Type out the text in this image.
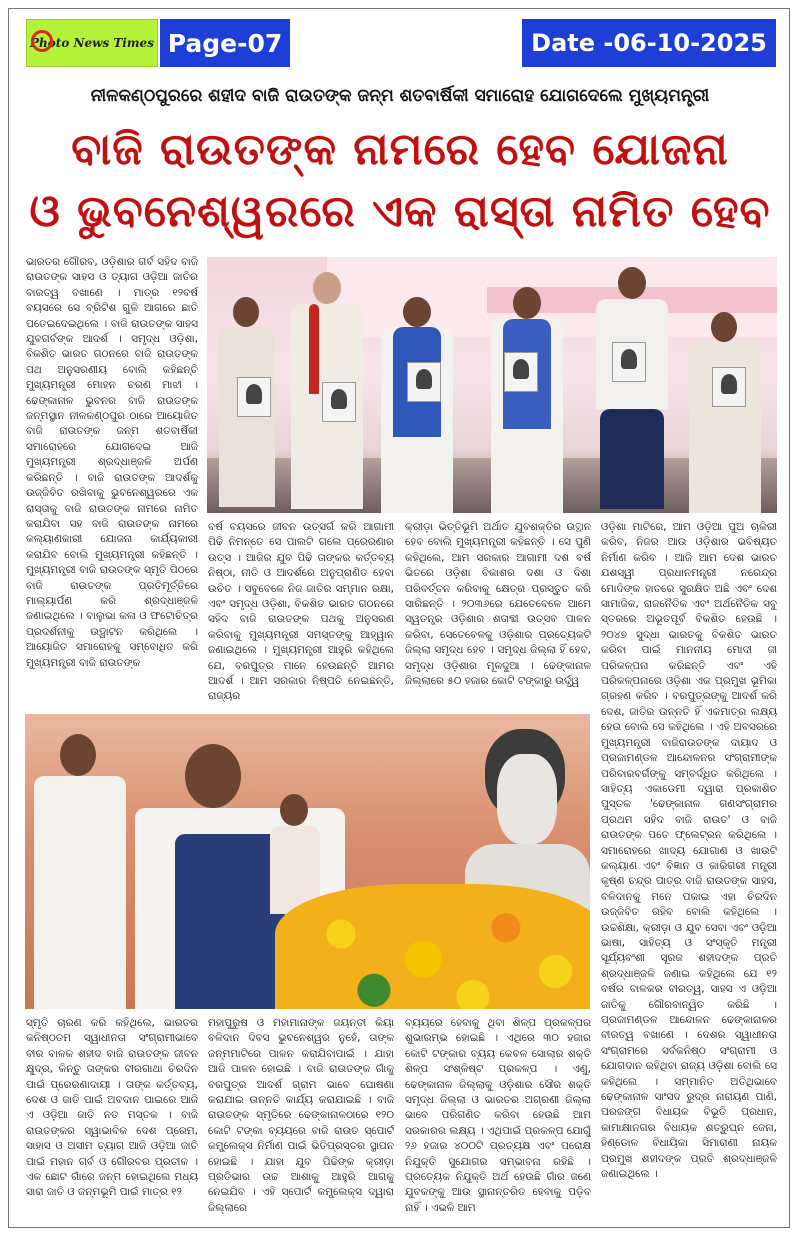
Photo News Times Page-07	Date -06-10-2025
ନୀଳକଣ୍ଠପୁରରେ ଶହୀଦ ବାଜି ରାଉତଙ୍କ ଜନ୍ମ ଶତବାର୍ଷିକୀ ସମାରୋହ ଯୋଗଦେଲେ ମୁଖ୍ୟମନ୍ତ୍ରୀ
ବାଜି ରାଉତଙ୍କ ନାମରେ ହେବ ଯୋଜନା
ଓ ଭୁବନେଶ୍ୱରରେ ଏକ ରାସ୍ତା ନାମିତ ହେବ
ଭାରତର ଗୌରବ, ଓଡ଼ିଶାର ଗର୍ବ ସହିଦ ବାଜି ରାଉତଙ୍କ ସାହସ ଓ ତ୍ୟାଗ ଓଡ଼ିଆ ଜାତିର ବାରତ୍ୱ ବଖାଣେ । ମାତ୍ର ୧୨ବର୍ଷ ବୟସରେ ସେ ବ୍ରିଟିଶ ଗୁଳି ଆଗରେ ଛାତି ପତେଇଦେଇଥିଲେ । ବାଜି ରାଉତଙ୍କ ସାହସ ଯୁବଗର୍ବଙ୍କ ଆଦର୍ଶ । ସମୃଦ୍ଧ ଓଡ଼ିଶା, ବିକଶିତ ଭାରତ ଗଠନରେ ବାଜି ରାଉତଙ୍କ ପଥ ଅନୁସରଣୀୟ ବୋଲି କହିଛନ୍ତି ମୁଖ୍ୟମନ୍ତ୍ରୀ ମୋହନ ଚରଣ ମାଝୀ । ଢେଙ୍କାନାଳ ଭୁବନର ବାଜି ରାଉତଙ୍କ ଜନ୍ମସ୍ଥାନ ନୀଳକଣ୍ଠପୁର ଠାରେ ଆୟୋଜିତ ବାଜି ରାଉତଙ୍କ ଜନ୍ମ ଶତବାର୍ଷିକୀ ସମାରୋହରେ ଯୋଗଦେଇ ଆଜି ମୁଖ୍ୟମନ୍ତ୍ରୀ ଶ୍ରଦ୍ଧାଞ୍ଜଳି ଅର୍ପଣ କରିଛନ୍ତି । ବାଜି ରାଉତଙ୍କ ଆଦର୍ଶକୁ ଉଜ୍ଜିବିତ ରଖିବାକୁ ଭୁବନେଶ୍ୱରରେ ଏକ ରାସ୍ତାକୁ ବାଜି ରାଉତଙ୍କ ନାମରେ ନାମିତ କରାଯିବା ସହ ବାଜି ରାଉତଙ୍କ ନାମରେ କଲ୍ୟାଣକାରୀ ଯୋଜନା କାର୍ଯ୍ୟକାରୀ କରାଯିବ ବୋଲି ମୁଖ୍ୟମନ୍ତ୍ରୀ କହିଛନ୍ତି । ମୁଖ୍ୟମନ୍ତ୍ରୀ ବାଜି ରାଉତଙ୍କ ସ୍ମୃତି ପିଠରେ ବାଜି ରାଉତଙ୍କ ପ୍ରତିମୂର୍ତ୍ତିରେ ମାଲ୍ୟାର୍ପଣ କରି ଶ୍ରଦ୍ଧାଞ୍ଜଳି ଜଣାଇଥିଲେ । ବାଲୁଭା କଳା ଓ ଫଟୋଚିତ୍ର ପ୍ରଦର୍ଶନୀକୁ ଉଦ୍ଘାଟନ କରିଥିଲେ । ଆୟୋଜିତ ସମାରୋହକୁ ସମ୍ବୋଧିତ କରି ମୁଖ୍ୟମନ୍ତ୍ରୀ ବାଜି ରାଉତଙ୍କ
ବର୍ଷ ବୟସରେ ଜୀବନ ଉତ୍ସର୍ଗ କରି ଆଗାମୀ ପିଢି ନିମନ୍ତେ ସେ ପାଲଟି ଗଲେ ପ୍ରେରଣାର ଉତ୍ସ । ଆଜିର ଯୁବ ପିଢି ତାଙ୍କର କର୍ତ୍ତବ୍ୟ ନିଷ୍ଠା, ନୀତି ଓ ଆଦର୍ଶରେ ଅନୁପ୍ରାଣିତ ହେବା ଉଚିତ । ସବୁବେଳେ ନିଜ ଜାତିର ସମ୍ମାନ ରକ୍ଷା, ଏବଂ ସମୃଦ୍ଧ ଓଡ଼ିଶା, ବିକଶିତ ଭାରତ ଗଠନରେ ସହିଦ ବାଜି ରାଉତଙ୍କ ପଥକୁ ଅନୁସରଣ କରିବାକୁ ମୁଖ୍ୟମନ୍ତ୍ରୀ ସମସ୍ତଙ୍କୁ ଆହ୍ୱାନ ଜଣାଇଥିଲେ । ମୁଖ୍ୟମନ୍ତ୍ରୀ ଆହୁରି କହିଥିଲେ ଯେ, ବରପୁତ୍ର ମାନେ ହେଉଛନ୍ତି ଆମର ଆଦର୍ଶ । ଆମ ସରକାର ନିଷ୍ପତି ନେଇଛନ୍ତି, ରାଜ୍ୟର
କ୍ରୀଡ଼ା ଭିତ୍ତିଭୂମି ଅର୍ଥାତ ଯୁବଶକ୍ତିର ଉତ୍ଥାନ ହେବ ବୋଲି ମୁଖ୍ୟମନ୍ତ୍ରୀ କହିଛନ୍ତି । ସେ ପୁଣି କହିଥିଲେ, ଆମ ସରକାର ଆଗାମୀ ଦଶ ବର୍ଷ ଭିତରେ ଓଡ଼ିଶା ବିକାଶର ଦଶା ଓ ଦିଶା ପରିବର୍ତ୍ତନ କରିବାକୁ କ୍ଷେତ୍ର ପ୍ରସ୍ତୁତ କରି ସାରିଛନ୍ତି । ୨୦୩୬ରେ ଯେତେବେଳେ ଆମେ ସ୍ୱତନ୍ତ୍ର ଓଡ଼ିଶାର ଶତାବ୍ଦୀ ଉତ୍ସବ ପାଳନ କରିବା, ସେତେବେଳକୁ ଓଡ଼ିଶାର ପ୍ରତ୍ୟେକଟି ଜିଲ୍ଲା ସମୃଦ୍ଧ ହେବ । ସମୃଦ୍ଧ ଜିଲ୍ଲା ହିଁ ହେବ, ସମୃଦ୍ଧ ଓଡ଼ିଶାର ମୂଳଦୁଆ । ଢେଙ୍କାନାଳ ଜିଲ୍ଲାରେ ୫୦ ହଜାର କୋଟି ଟଙ୍କାରୁ ଉର୍ଦ୍ଧ୍ୱ
ଓଡ଼ିଶା ମାଟିରେ, ଆମ ଓଡ଼ିଆ ପୁଅ ଚାକିରୀ କରିବ, ନିଜର ଆଉ ଓଡ଼ିଶାର ଭବିଷ୍ୟତ ନିର୍ମାଣ କରିବ । ଆଜି ଆମ ଦେଶ ଭାରତ ଯଶସ୍ୱୀ ପ୍ରଧାନମନ୍ତ୍ରୀ ନରେନ୍ଦ୍ର ମୋଦିଙ୍କ ହାତରେ ସୁରକ୍ଷିତ ଅଛି ଏବଂ ଦେଶ ସାମାଜିକ, ରାଜନୈତିକ ଏବଂ ଅର୍ଥନୈତିକ ସବୁ ସ୍ତରରେ ଅଭୂତପୂର୍ବ ବିକଶିତ ହେଉଛି । ୨୦୪୭ ସୁଦ୍ଧା ଭାରତକୁ ବିକଶିତ ଭାରତ କରିବା ପାଇଁ ମାନନୀୟ ମୋଦୀ ଜୀ ପରିକଳ୍ପନା କରିଛନ୍ତି ଏବଂ ଏହି ପରିକଳ୍ପନାରେ ଓଡ଼ିଶା ଏକ ପ୍ରମୁଖ ଭୂମିକା ଗ୍ରହଣ କରିବ । ବରପୁତ୍ରଙ୍କୁ ଆଦର୍ଶ କରି ଦେଶ, ଜାତିର ଉନ୍ନତି ହିଁ ଏକମାତ୍ର ଲକ୍ଷ୍ୟ ହେଉ ବୋଲି ସେ କହିଥିଲେ । ଏହି ଅବସରରେ ମୁଖ୍ୟମନ୍ତ୍ରୀ ବାଜିରାଉତଙ୍କ ଦାୟାଦ ଓ ପ୍ରଜାମଣ୍ଡଳ ଆନ୍ଦୋଳନର ସଂଗ୍ରାମୀଙ୍କ ପରିବାରବର୍ଗଙ୍କୁ ସମ୍ବର୍ଦ୍ଧିତ କରିଥିଲେ । ସାହିତ୍ୟ ଏକାଡେମୀ ଦ୍ୱାରା ପ୍ରକାଶିତ ପୁସ୍ତକ 'ଢେଙ୍କାନାଳ ଗଣସଂଗ୍ରାମର ପ୍ରଥମ ସହିଦ ବାଜି ରାଉତ' ଓ ବାଜି ରାଉତଙ୍କ ପତେ ଫ୍ଲେଟ୍ରନ କରିଥିଲେ । ସମାରୋହରେ ଖାଦ୍ୟ ଯୋଗାଣ ଓ ଖାଉଟି କଲ୍ୟାଣ ଏବଂ ବିଜ୍ଞାନ ଓ କାରିଗରୀ ମନ୍ତ୍ରୀ କୃଷ୍ଣ ଚନ୍ଦ୍ର ପାତ୍ର ବାଜି ରାଉତଙ୍କ ସାହସ, ବଳିଦାନକୁ ମନେ ପକାଇ ଏହା ଚିରଦିନ ଉଜ୍ଜିବିତ ରହିବ ବୋଲି କହିଥିଲେ । ଉଚ୍ଚଶିକ୍ଷା, କ୍ରୀଡ଼ା ଓ ଯୁବ ସେବା ଏବଂ ଓଡ଼ିଆ ଭାଷା, ସାହିତ୍ୟ ଓ ସଂସ୍କୃତି ମନ୍ତ୍ରୀ ସୂର୍ଯ୍ୟବଂଶୀ ସୂରଜ ଶହୀଦଙ୍କ ପ୍ରତି ଶ୍ରଦ୍ଧାଞ୍ଜଳି ଜଣାଇ କହିଥିଲେ ଯେ ୧୨ ବର୍ଷର ବାଳକର ବୀରତ୍ୱ, ସାହସ ଏ ଓଡ଼ିଆ ଜାତିକୁ ଗୌରବାନ୍ୱିତ କରିଛି । ପ୍ରଜାମଣ୍ଡଳ ଆନ୍ଦୋଳନ ଢେଙ୍କାନାଳର ବୀରତ୍ୱ ବଖାଣେ । ଦେଶର ସ୍ୱାଧୀନତା ସଂଗ୍ରାମରେ ସର୍ବକନିଷ୍ଠ ସଂଗ୍ରାମୀ ଓ ଯୋଗଦାନ ରହିଥିବା ରାଜ୍ୟ ଓଡ଼ିଶା ବୋଲି ସେ କହିଥିଲେ । ସମ୍ମାନିତ ଅତିଥିଭାବେ ଢେଙ୍କାନାଳ ସାଂସଦ ରୁଦ୍ର ନାରାୟଣ ପାଣି, ପରଜଙ୍ଗ ବିଧାୟକ ବିଭୂତି ପ୍ରଧାନ, କାମାକ୍ଷାନଗର ବିଧାୟକ ଶତ୍ରୁଘ୍ନ ଜେନା, ହିଣ୍ଡୋଳ ବିଧାୟିକା ସିମାରାଣୀ ନାୟକ ପ୍ରମୁଖ ଶହୀଦଙ୍କ ପ୍ରତି ଶ୍ରଦ୍ଧାଞ୍ଜଳି ଜଣାଇଥିଲେ ।
ସ୍ମୃତି ଚାରଣ କରି କହିଥିଲେ, ଭାରତର କନିଷ୍ଠତମ ସ୍ୱାଧୀନତା ସଂଗ୍ରାମୀଭାବେ ବୀର ବାଳକ ଶହୀଦ ବାଜି ରାଉତଙ୍କ ଜୀବନ କ୍ଷୁଦ୍ର, କିନ୍ତୁ ତାଙ୍କର ବୀରଗାଥା ଚିରଦିନ ପାଇଁ ପ୍ରେରଣାଦାୟୀ । ତାଙ୍କ କର୍ତ୍ତବ୍ୟ, ଦେଶ ଓ ଜାତି ପାଇଁ ଅବଦାନ ପାଇରେ ଆଜି ଏ ଓଡ଼ିଆ ଜାତି ନତ ମସ୍ତକ । ବାଜି ରାଉତଙ୍କର ସ୍ୱାଭାବିକ ଦେଶ ପ୍ରେମ, ସାହାସ ଓ ଅସୀମ ତ୍ୟାଗ ଆଜି ଓଡ଼ିଆ ଜାତି ପାଇଁ ମହାନ ଗର୍ବ ଓ ଗୌରବର ପ୍ରତୀକ । ଏକ ଛୋଟ ଗାଁରେ ଜନ୍ମ ହୋଇଥିଲେ ମଧ୍ୟ ସାରା ଜାତି ଓ ଜନ୍ମଭୂମି ପାଇଁ ମାତ୍ର ୧୨
ମହାପୁରୁଷ ଓ ମହାମାନାଙ୍କ ଜୟନ୍ତୀ କିୟା ବଳିଦାନ ଦିବସ ଭୁବନେଶ୍ୱର ନୁହେଁ, ତାଙ୍କ ଜନ୍ମମାଟିରେ ପାଳନ କରାଯିବାପାଇଁ । ଯାହା ଆଜି ପାଳନ ହୋଇଛି । ବାଜି ରାଉତଙ୍କ ଗାଁକୁ ବରପୁତ୍ର ଆଦର୍ଶ ଗ୍ରାମ ଭାବେ ଘୋଷଣା କରାଯାଇ ଉନ୍ନତି କାର୍ଯ୍ୟ କରାଯାଇଛି । ବାଜି ରାଉତଙ୍କ ସ୍ମୃତିରେ ଢେଙ୍କାନାଳଠାରେ ୧୨୦ କୋଟି ଟଙ୍କା ବ୍ୟୟରେ ବାଜି ରାଉତ ସ୍ପୋର୍ଟ କମ୍ପ୍ଲେକ୍ସ ନିର୍ମାଣ ପାଇଁ ଭିତିପ୍ରସ୍ତର ସ୍ଥାପନ ହୋଇଛି । ଯାହା ଯୁବ ପିଢିଙ୍କ କ୍ରୀଡ଼ା ପ୍ରତିଭାର ଉଚ୍ଚ ଆଶାକୁ ଆହୁରି ଆଗକୁ ନେଇଯିବ । ଏହି ସ୍ପୋର୍ଟ କମ୍ପ୍ଲେକ୍ସ ଦ୍ୱାରା ଜିଲ୍ଲାରେ
ବ୍ୟୟରେ ହେବାକୁ ଥିବା ଶିଳ୍ପ ପ୍ରକଳ୍ପର ଶୁଭାରମ୍ଭ ହୋଇଛି । ଏଥିରେ ୩୦ ହଜାର କୋଟି ଟଙ୍କାର ବ୍ୟୟ କେବଳ ସୋଲାର ଶକ୍ତି ଶିଳ୍ପ ସଂଶ୍ଳିଷ୍ଟ ପ୍ରକଳ୍ପ । ଏଣୁ, ଢେଙ୍କାନାଳ ଜିଲ୍ଲାକୁ ଓଡ଼ିଶାର ସୌର ଶକ୍ତି ସମୃଦ୍ଧ ଜିଲ୍ଲା ଓ ଭାରତର ଅଗ୍ରଣୀ ଜିଲ୍ଲା ଭାବେ ପରିଗଣିତ କରିବା ହେଉଛି ଆମ ସରକାରର ଲକ୍ଷ୍ୟ । ଏଥିପାଇଁ ପ୍ରକଳ୍ପ ଯୋଗୁଁ ୨୬ ହଜାର ୪୦୦ଟି ପ୍ରତ୍ୟକ୍ଷ ଏବଂ ପରୋକ୍ଷ ନିଯୁକ୍ତି ସୁଯୋଗର ସମ୍ଭାବନା ରହିଛି । ପ୍ରତ୍ୟେକ ନିଯୁକ୍ତି ଅର୍ଥ ହେଉଛି ଗାଁର ଜଣେ ଯୁବକଙ୍କୁ ଆଉ ସ୍ଥାନାନ୍ତରିତ ହେବାକୁ ପଡ଼ିବ ନାହିଁ । ଏଭଳି ଆମ
